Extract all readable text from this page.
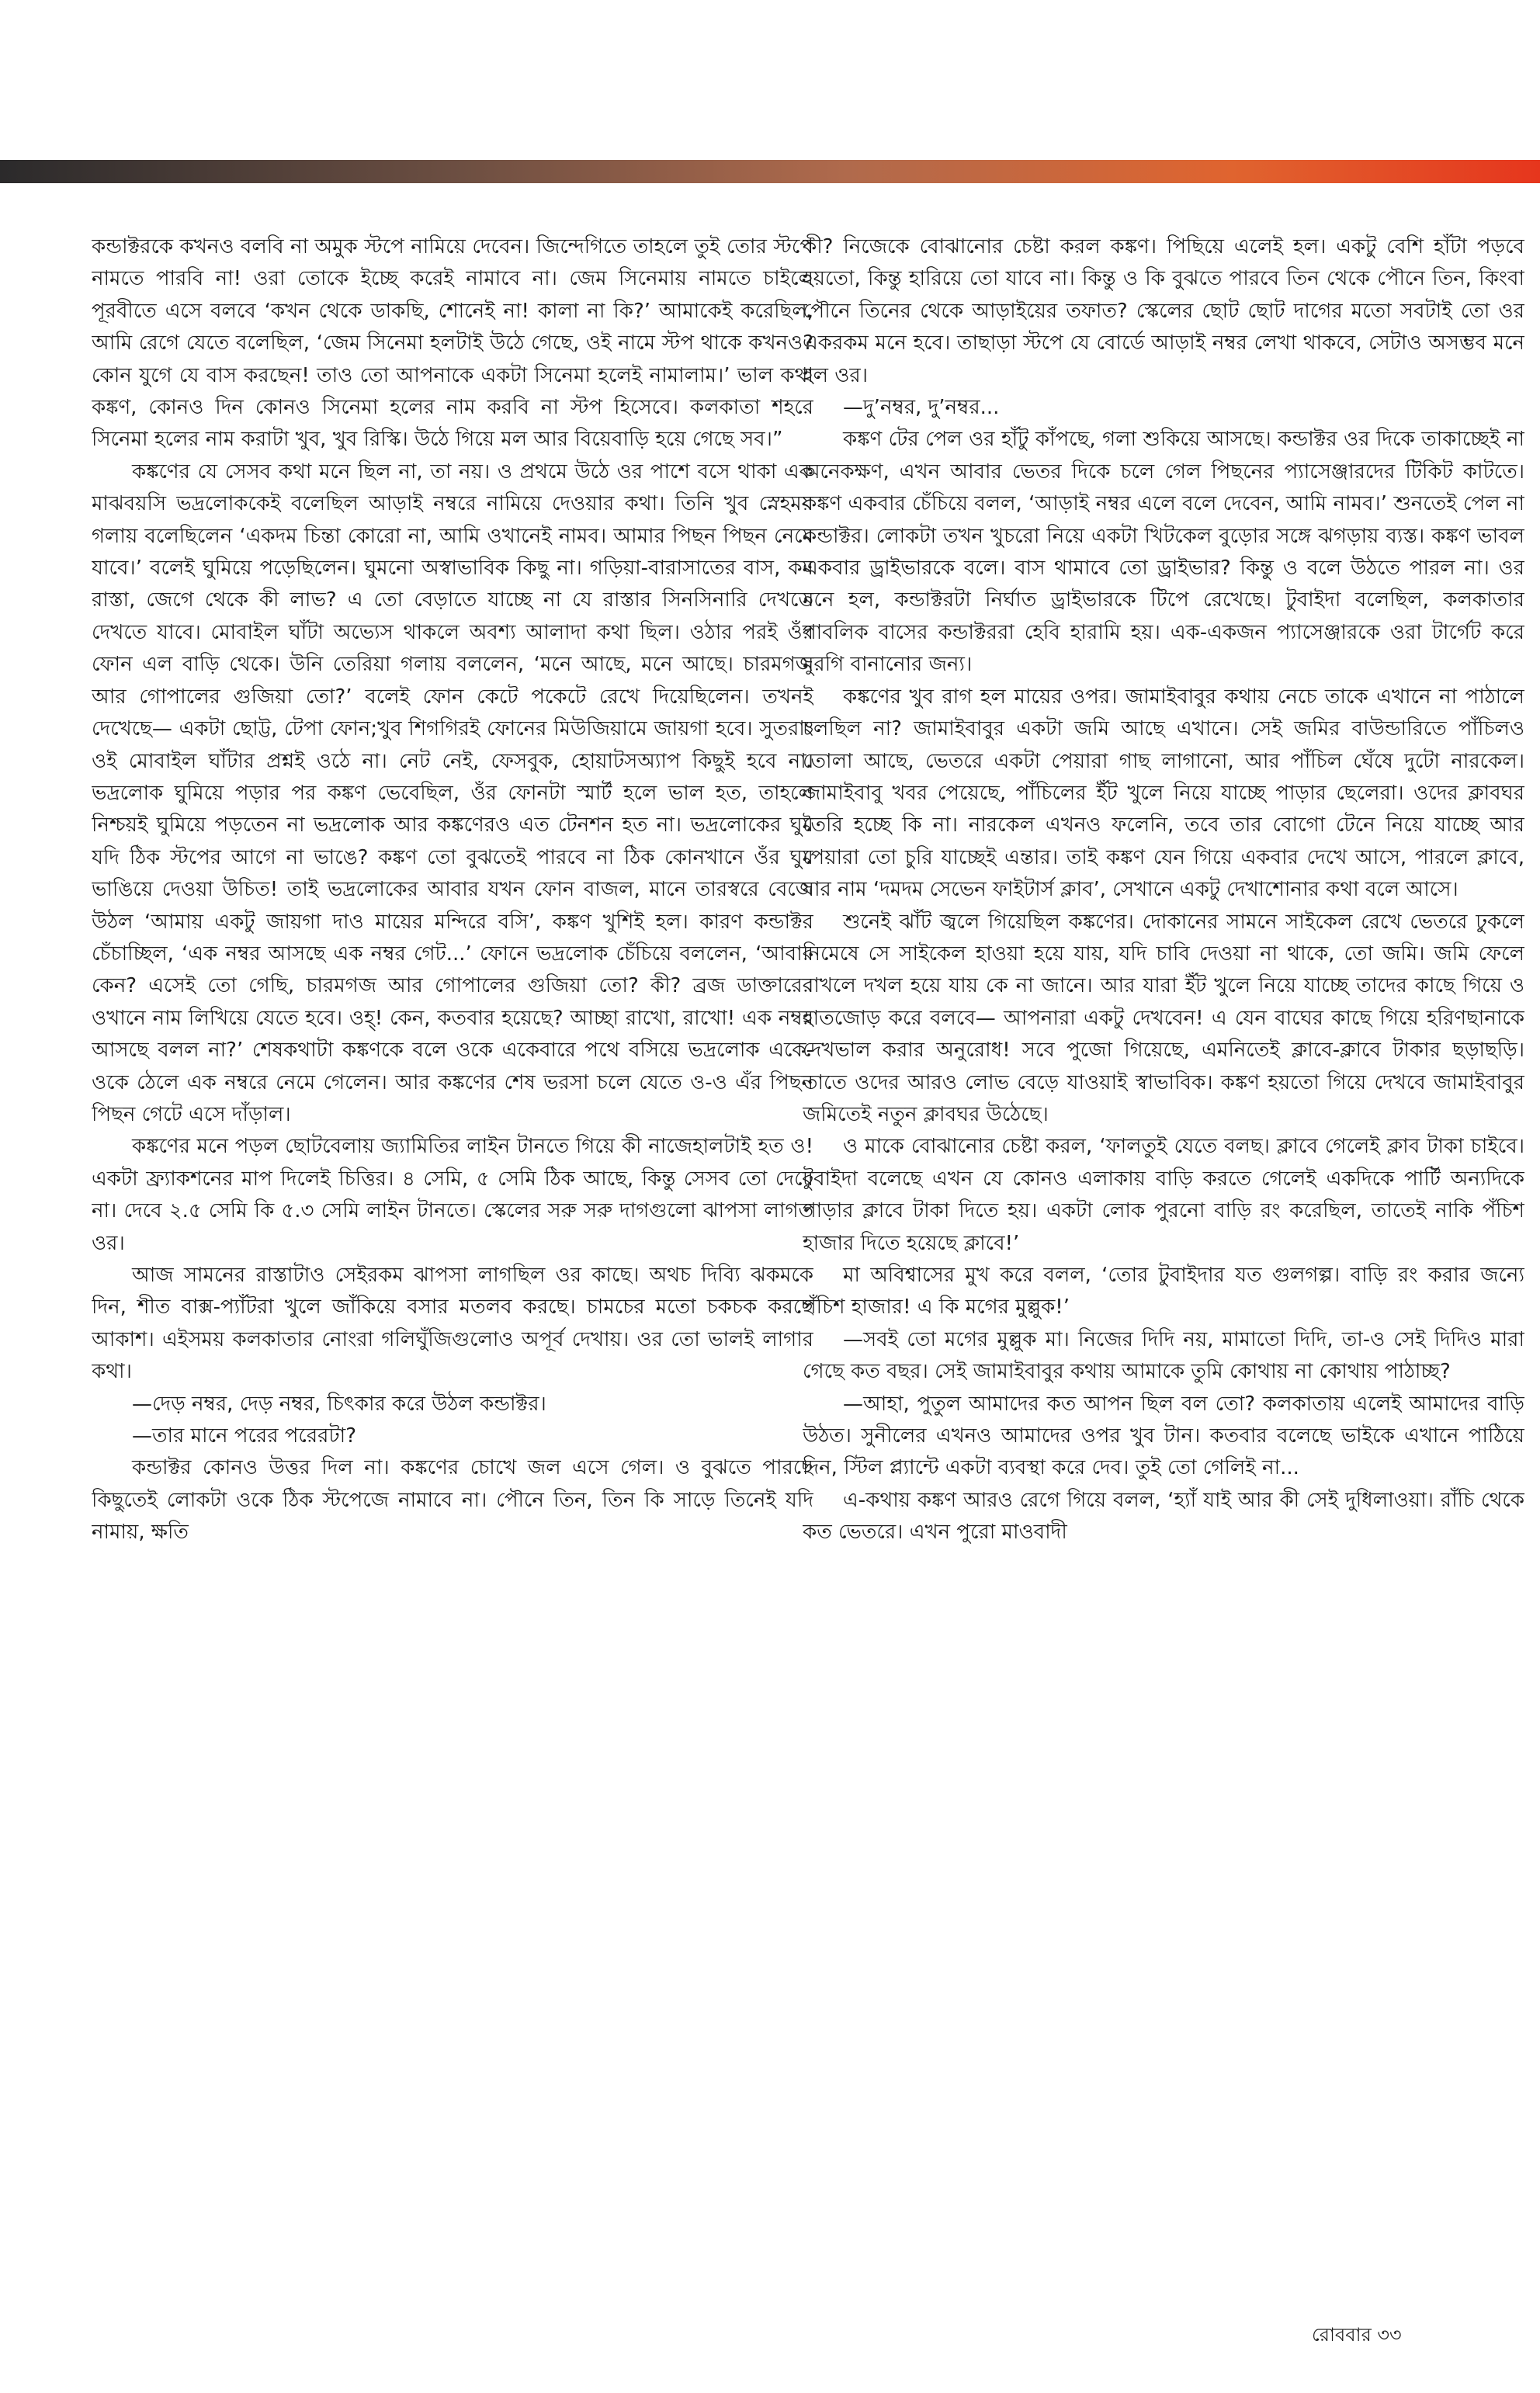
কন্ডাক্টরকে কখনও বলবি না অমুক স্টপে নামিয়ে দেবেন। জিন্দেগিতে তাহলে তুই তোর স্টপে নামতে পারবি না! ওরা তোকে ইচ্ছে করেই নামাবে না। জেম সিনেমায় নামতে চাইলে পূরবীতে এসে বলবে ‘কখন থেকে ডাকছি, শোনেই না! কালা না কি?’ আমাকেই করেছিল, আমি রেগে যেতে বলেছিল, ‘জেম সিনেমা হলটাই উঠে গেছে, ওই নামে স্টপ থাকে কখনও? কোন যুগে যে বাস করছেন! তাও তো আপনাকে একটা সিনেমা হলেই নামালাম।’ ভাল কথা কঙ্কণ, কোনও দিন কোনও সিনেমা হলের নাম করবি না স্টপ হিসেবে। কলকাতা শহরে সিনেমা হলের নাম করাটা খুব, খুব রিস্কি। উঠে গিয়ে মল আর বিয়েবাড়ি হয়ে গেছে সব।”

কঙ্কণের যে সেসব কথা মনে ছিল না, তা নয়। ও প্রথমে উঠে ওর পাশে বসে থাকা এক মাঝবয়সি ভদ্রলোককেই বলেছিল আড়াই নম্বরে নামিয়ে দেওয়ার কথা। তিনি খুব স্নেহময় গলায় বলেছিলেন ‘একদম চিন্তা কোরো না, আমি ওখানেই নামব। আমার পিছন পিছন নেমে যাবে।’ বলেই ঘুমিয়ে পড়েছিলেন। ঘুমনো অস্বাভাবিক কিছু না। গড়িয়া-বারাসাতের বাস, কম রাস্তা, জেগে থেকে কী লাভ? এ তো বেড়াতে যাচ্ছে না যে রাস্তার সিনসিনারি দেখতে দেখতে যাবে। মোবাইল ঘাঁটা অভ্যেস থাকলে অবশ্য আলাদা কথা ছিল। ওঠার পরই ওঁর ফোন এল বাড়ি থেকে। উনি তেরিয়া গলায় বললেন, ‘মনে আছে, মনে আছে। চারমগজ আর গোপালের গুজিয়া তো?’ বলেই ফোন কেটে পকেটে রেখে দিয়েছিলেন। তখনই দেখেছে— একটা ছোট্ট, টেপা ফোন;খুব শিগগিরই ফোনের মিউজিয়ামে জায়গা হবে। সুতরাং ওই মোবাইল ঘাঁটার প্রশ্নই ওঠে না। নেট নেই, ফেসবুক, হোয়াটসঅ্যাপ কিছুই হবে না। ভদ্রলোক ঘুমিয়ে পড়ার পর কঙ্কণ ভেবেছিল, ওঁর ফোনটা স্মার্ট হলে ভাল হত, তাহলে নিশ্চয়ই ঘুমিয়ে পড়তেন না ভদ্রলোক আর কঙ্কণেরও এত টেনশন হত না। ভদ্রলোকের ঘুম যদি ঠিক স্টপের আগে না ভাঙে? কঙ্কণ তো বুঝতেই পারবে না ঠিক কোনখানে ওঁর ঘুম ভাঙিয়ে দেওয়া উচিত! তাই ভদ্রলোকের আবার যখন ফোন বাজল, মানে তারস্বরে বেজে উঠল ‘আমায় একটু জায়গা দাও মায়ের মন্দিরে বসি’, কঙ্কণ খুশিই হল। কারণ কন্ডাক্টর চেঁচাচ্ছিল, ‘এক নম্বর আসছে এক নম্বর গেট...’ ফোনে ভদ্রলোক চেঁচিয়ে বললেন, ‘আবার কেন? এসেই তো গেছি, চারমগজ আর গোপালের গুজিয়া তো? কী? ব্রজ ডাক্তারের ওখানে নাম লিখিয়ে যেতে হবে। ওহ্! কেন, কতবার হয়েছে? আচ্ছা রাখো, রাখো! এক নম্বর আসছে বলল না?’ শেষকথাটা কঙ্কণকে বলে ওকে একেবারে পথে বসিয়ে ভদ্রলোক একে-ওকে ঠেলে এক নম্বরে নেমে গেলেন। আর কঙ্কণের শেষ ভরসা চলে যেতে ও-ও এঁর পিছন পিছন গেটে এসে দাঁড়াল।

কঙ্কণের মনে পড়ল ছোটবেলায় জ্যামিতির লাইন টানতে গিয়ে কী নাজেহালটাই হত ও! একটা ফ্র্যাকশনের মাপ দিলেই চিত্তির। ৪ সেমি, ৫ সেমি ঠিক আছে, কিন্তু সেসব তো দেবে না। দেবে ২.৫ সেমি কি ৫.৩ সেমি লাইন টানতে। স্কেলের সরু সরু দাগগুলো ঝাপসা লাগত ওর।

আজ সামনের রাস্তাটাও সেইরকম ঝাপসা লাগছিল ওর কাছে। অথচ দিব্যি ঝকমকে দিন, শীত বাক্স-প্যাঁটরা খুলে জাঁকিয়ে বসার মতলব করছে। চামচের মতো চকচক করছে আকাশ। এইসময় কলকাতার নোংরা গলিঘুঁজিগুলোও অপূর্ব দেখায়। ওর তো ভালই লাগার কথা।

—দেড় নম্বর, দেড় নম্বর, চিৎকার করে উঠল কন্ডাক্টর।

—তার মানে পরের পরেরটা?

কন্ডাক্টর কোনও উত্তর দিল না। কঙ্কণের চোখে জল এসে গেল। ও বুঝতে পারছে কিছুতেই লোকটা ওকে ঠিক স্টপেজে নামাবে না। পৌনে তিন, তিন কি সাড়ে তিনেই যদি নামায়, ক্ষতি

কী? নিজেকে বোঝানোর চেষ্টা করল কঙ্কণ। পিছিয়ে এলেই হল। একটু বেশি হাঁটা পড়বে হয়তো, কিন্তু হারিয়ে তো যাবে না। কিন্তু ও কি বুঝতে পারবে তিন থেকে পৌনে তিন, কিংবা পৌনে তিনের থেকে আড়াইয়ের তফাত? স্কেলের ছোট ছোট দাগের মতো সবটাই তো ওর একরকম মনে হবে। তাছাড়া স্টপে যে বোর্ডে আড়াই নম্বর লেখা থাকবে, সেটাও অসম্ভব মনে হল ওর।

—দু’নম্বর, দু’নম্বর...

কঙ্কণ টের পেল ওর হাঁটু কাঁপছে, গলা শুকিয়ে আসছে। কন্ডাক্টর ওর দিকে তাকাচ্ছেই না অনেকক্ষণ, এখন আবার ভেতর দিকে চলে গেল পিছনের প্যাসেঞ্জারদের টিকিট কাটতে। কঙ্কণ একবার চেঁচিয়ে বলল, ‘আড়াই নম্বর এলে বলে দেবেন, আমি নামব।’ শুনতেই পেল না কন্ডাক্টর। লোকটা তখন খুচরো নিয়ে একটা খিটকেল বুড়োর সঙ্গে ঝগড়ায় ব্যস্ত। কঙ্কণ ভাবল একবার ড্রাইভারকে বলে। বাস থামাবে তো ড্রাইভার? কিন্তু ও বলে উঠতে পারল না। ওর মনে হল, কন্ডাক্টরটা নির্ঘাত ড্রাইভারকে টিপে রেখেছে। টুবাইদা বলেছিল, কলকাতার পাবলিক বাসের কন্ডাক্টররা হেবি হারামি হয়। এক-একজন প্যাসেঞ্জারকে ওরা টার্গেট করে মুরগি বানানোর জন্য।

কঙ্কণের খুব রাগ হল মায়ের ওপর। জামাইবাবুর কথায় নেচে তাকে এখানে না পাঠালে চলছিল না? জামাইবাবুর একটা জমি আছে এখানে। সেই জমির বাউন্ডারিতে পাঁচিলও তোলা আছে, ভেতরে একটা পেয়ারা গাছ লাগানো, আর পাঁচিল ঘেঁষে দুটো নারকেল। জামাইবাবু খবর পেয়েছে, পাঁচিলের ইঁট খুলে নিয়ে যাচ্ছে পাড়ার ছেলেরা। ওদের ক্লাবঘর তৈরি হচ্ছে কি না। নারকেল এখনও ফলেনি, তবে তার বোগো টেনে নিয়ে যাচ্ছে আর পেয়ারা তো চুরি যাচ্ছেই এন্তার। তাই কঙ্কণ যেন গিয়ে একবার দেখে আসে, পারলে ক্লাবে, যার নাম ‘দমদম সেভেন ফাইটার্স ক্লাব’, সেখানে একটু দেখাশোনার কথা বলে আসে।

শুনেই ঝাঁট জ্বলে গিয়েছিল কঙ্কণের। দোকানের সামনে সাইকেল রেখে ভেতরে ঢুকলে নিমেষে সে সাইকেল হাওয়া হয়ে যায়, যদি চাবি দেওয়া না থাকে, তো জমি। জমি ফেলে রাখলে দখল হয়ে যায় কে না জানে। আর যারা ইঁট খুলে নিয়ে যাচ্ছে তাদের কাছে গিয়ে ও হাতজোড় করে বলবে— আপনারা একটু দেখবেন! এ যেন বাঘের কাছে গিয়ে হরিণছানাকে দেখভাল করার অনুরোধ! সবে পুজো গিয়েছে, এমনিতেই ক্লাবে-ক্লাবে টাকার ছড়াছড়ি। তাতে ওদের আরও লোভ বেড়ে যাওয়াই স্বাভাবিক। কঙ্কণ হয়তো গিয়ে দেখবে জামাইবাবুর জমিতেই নতুন ক্লাবঘর উঠেছে।

ও মাকে বোঝানোর চেষ্টা করল, ‘ফালতুই যেতে বলছ। ক্লাবে গেলেই ক্লাব টাকা চাইবে। টুবাইদা বলেছে এখন যে কোনও এলাকায় বাড়ি করতে গেলেই একদিকে পার্টি অন্যদিকে পাড়ার ক্লাবে টাকা দিতে হয়। একটা লোক পুরনো বাড়ি রং করেছিল, তাতেই নাকি পঁচিশ হাজার দিতে হয়েছে ক্লাবে!’

মা অবিশ্বাসের মুখ করে বলল, ‘তোর টুবাইদার যত গুলগল্প। বাড়ি রং করার জন্যে পঁচিশ হাজার! এ কি মগের মুল্লুক!’

—সবই তো মগের মুল্লুক মা। নিজের দিদি নয়, মামাতো দিদি, তা-ও সেই দিদিও মারা গেছে কত বছর। সেই জামাইবাবুর কথায় আমাকে তুমি কোথায় না কোথায় পাঠাচ্ছ?

—আহা, পুতুল আমাদের কত আপন ছিল বল তো? কলকাতায় এলেই আমাদের বাড়ি উঠত। সুনীলের এখনও আমাদের ওপর খুব টান। কতবার বলেছে ভাইকে এখানে পাঠিয়ে দিন, স্টিল প্ল্যান্টে একটা ব্যবস্থা করে দেব। তুই তো গেলিই না...

এ-কথায় কঙ্কণ আরও রেগে গিয়ে বলল, ‘হ্যাঁ যাই আর কী সেই দুধিলাওয়া। রাঁচি থেকে কত ভেতরে। এখন পুরো মাওবাদী

রোববার ৩৩
